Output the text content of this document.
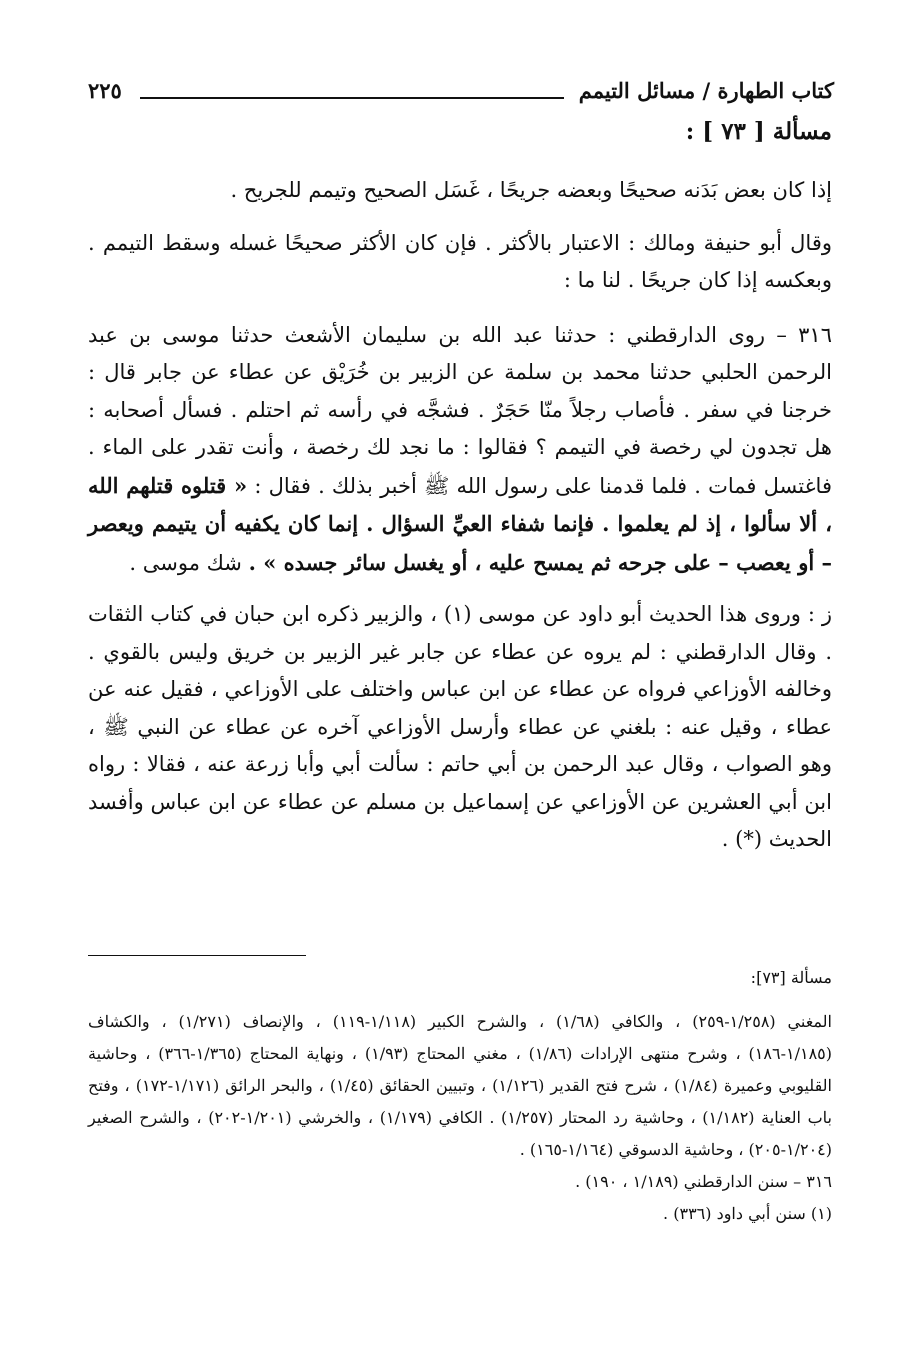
كتاب الطهارة / مسائل التيمم
٢٢٥
مسألة [ ٧٣ ] :

إذا كان بعض بَدَنه صحيحًا وبعضه جريحًا ، غَسَل الصحيح وتيمم للجريح .

وقال أبو حنيفة ومالك : الاعتبار بالأكثر . فإن كان الأكثر صحيحًا غسله وسقط التيمم . وبعكسه إذا كان جريحًا . لنا ما :

٣١٦ – روى الدارقطني : حدثنا عبد الله بن سليمان الأشعث حدثنا موسى بن عبد الرحمن الحلبي حدثنا محمد بن سلمة عن الزبير بن خُرَيْق عن عطاء عن جابر قال : خرجنا في سفر . فأصاب رجلاً منّا حَجَرٌ . فشجَّه في رأسه ثم احتلم . فسأل أصحابه : هل تجدون لي رخصة في التيمم ؟ فقالوا : ما نجد لك رخصة ، وأنت تقدر على الماء . فاغتسل فمات . فلما قدمنا على رسول الله ﷺ أخبر بذلك . فقال : « قتلوه قتلهم الله ، ألا سألوا ، إذ لم يعلموا . فإنما شفاء العيِّ السؤال . إنما كان يكفيه أن يتيمم ويعصر – أو يعصب – على جرحه ثم يمسح عليه ، أو يغسل سائر جسده » . شك موسى .

ز : وروى هذا الحديث أبو داود عن موسى (١) ، والزبير ذكره ابن حبان في كتاب الثقات . وقال الدارقطني : لم يروه عن عطاء عن جابر غير الزبير بن خريق وليس بالقوي . وخالفه الأوزاعي فرواه عن عطاء عن ابن عباس واختلف على الأوزاعي ، فقيل عنه عن عطاء ، وقيل عنه : بلغني عن عطاء وأرسل الأوزاعي آخره عن عطاء عن النبي ﷺ ، وهو الصواب ، وقال عبد الرحمن بن أبي حاتم : سألت أبي وأبا زرعة عنه ، فقالا : رواه ابن أبي العشرين عن الأوزاعي عن إسماعيل بن مسلم عن عطاء عن ابن عباس وأفسد الحديث (*) .

مسألة [٧٣]:

المغني (١/٢٥٨-٢٥٩) ، والكافي (١/٦٨) ، والشرح الكبير (١/١١٨-١١٩) ، والإنصاف (١/٢٧١) ، والكشاف (١/١٨٥-١٨٦) ، وشرح منتهى الإرادات (١/٨٦) ، مغني المحتاج (١/٩٣) ، ونهاية المحتاج (١/٣٦٥-٣٦٦) ، وحاشية القليوبي وعميرة (١/٨٤) ، شرح فتح القدير (١/١٢٦) ، وتبيين الحقائق (١/٤٥) ، والبحر الرائق (١/١٧١-١٧٢) ، وفتح باب العناية (١/١٨٢) ، وحاشية رد المحتار (١/٢٥٧) . الكافي (١/١٧٩) ، والخرشي (١/٢٠١-٢٠٢) ، والشرح الصغير (١/٢٠٤-٢٠٥) ، وحاشية الدسوقي (١/١٦٤-١٦٥) .

٣١٦ – سنن الدارقطني (١/١٨٩ ، ١٩٠) .

(١) سنن أبي داود (٣٣٦) .
